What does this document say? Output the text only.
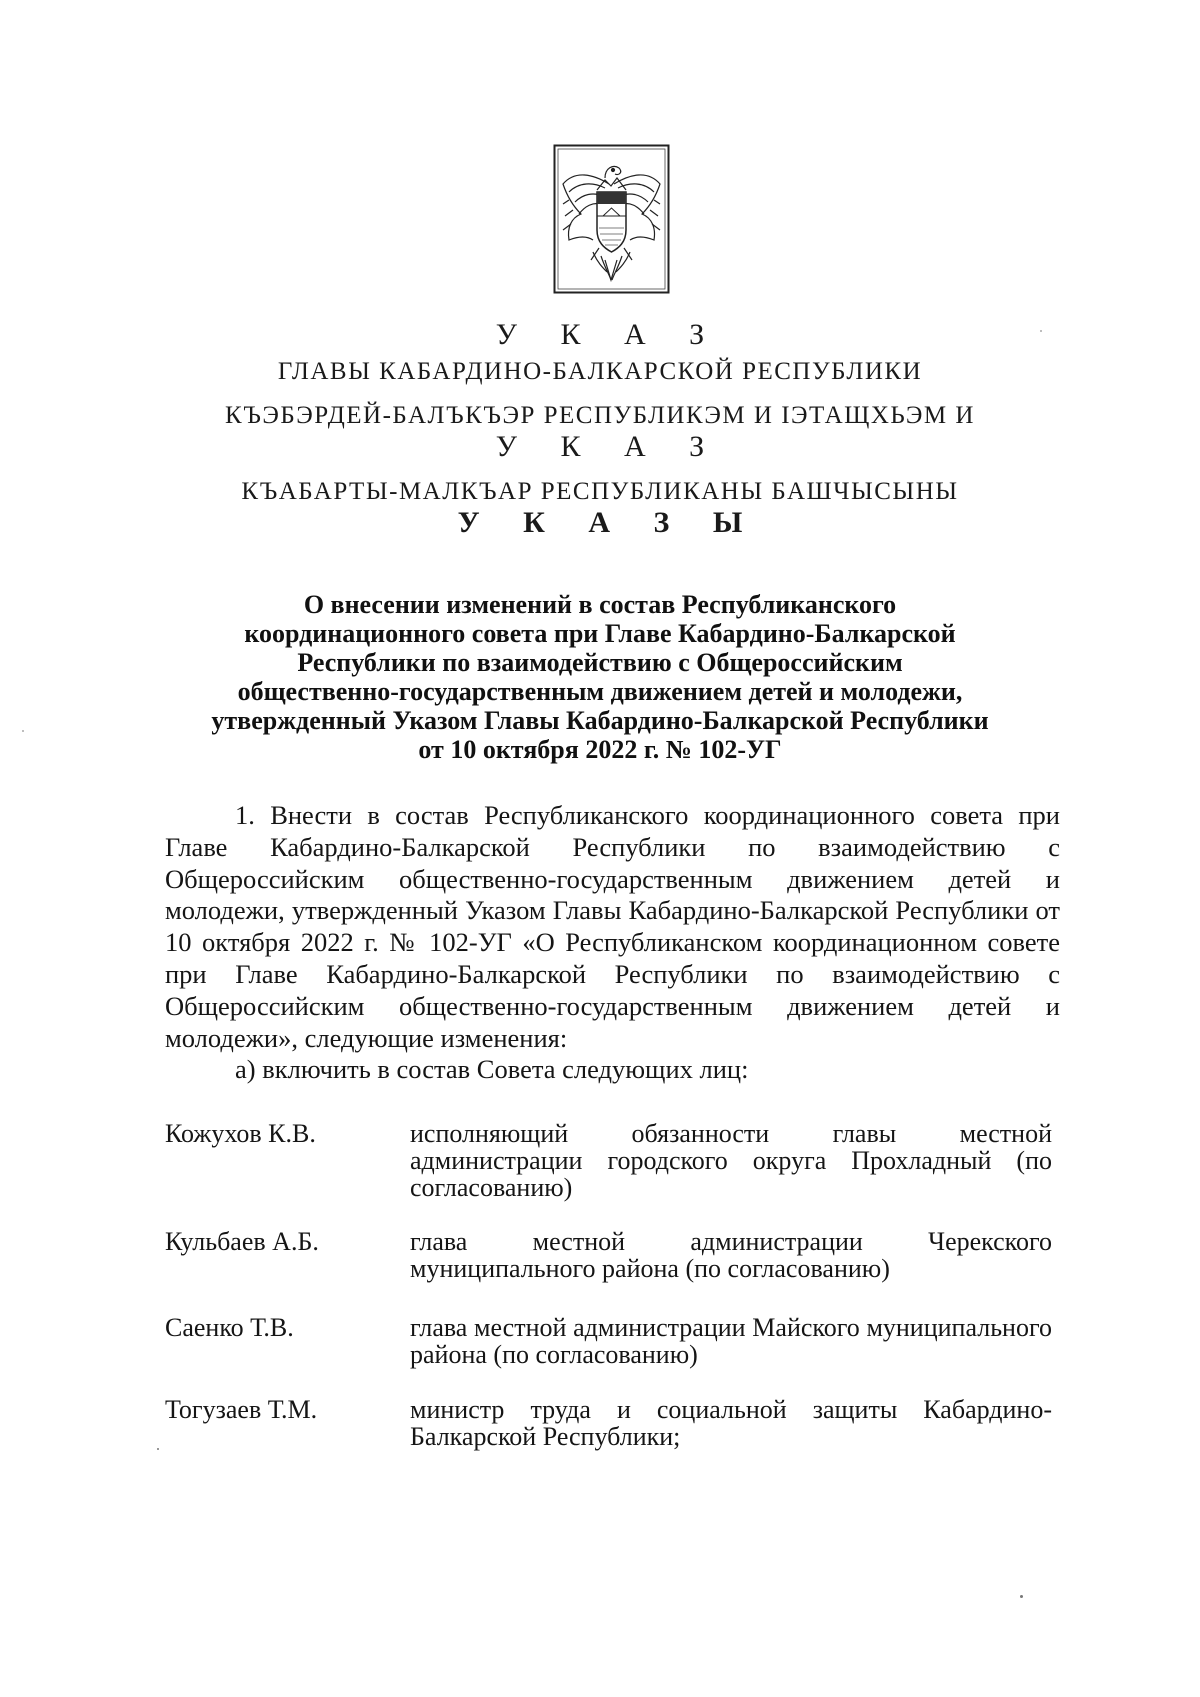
У К А З
ГЛАВЫ КАБАРДИНО-БАЛКАРСКОЙ РЕСПУБЛИКИ
КЪЭБЭРДЕЙ-БАЛЪКЪЭР РЕСПУБЛИКЭМ И ІЭТАЩХЬЭМ И
У К А З
КЪАБАРТЫ-МАЛКЪАР РЕСПУБЛИКАНЫ БАШЧЫСЫНЫ
У К А З Ы
О внесении изменений в состав Республиканского
координационного совета при Главе Кабардино-Балкарской
Республики по взаимодействию с Общероссийским
общественно-государственным движением детей и молодежи,
утвержденный Указом Главы Кабардино-Балкарской Республики
от 10 октября 2022 г. № 102-УГ

1. Внести в состав Республиканского координационного совета при Главе Кабардино-Балкарской Республики по взаимодействию с Общероссийским общественно-государственным движением детей и молодежи, утвержденный Указом Главы Кабардино-Балкарской Республики от 10 октября 2022 г. № 102-УГ «О Республиканском координационном совете при Главе Кабардино-Балкарской Республики по взаимодействию с Общероссийским общественно-государственным движением детей и молодежи», следующие изменения:

а) включить в состав Совета следующих лиц:

Кожухов К.В.	исполняющий обязанности главы местной администрации городского округа Прохладный (по согласованию)
Кульбаев А.Б.	глава местной администрации Черекского муниципального района (по согласованию)
Саенко Т.В.	глава местной администрации Майского муниципального района (по согласованию)
Тогузаев Т.М.	министр труда и социальной защиты Кабардино-Балкарской Республики;
